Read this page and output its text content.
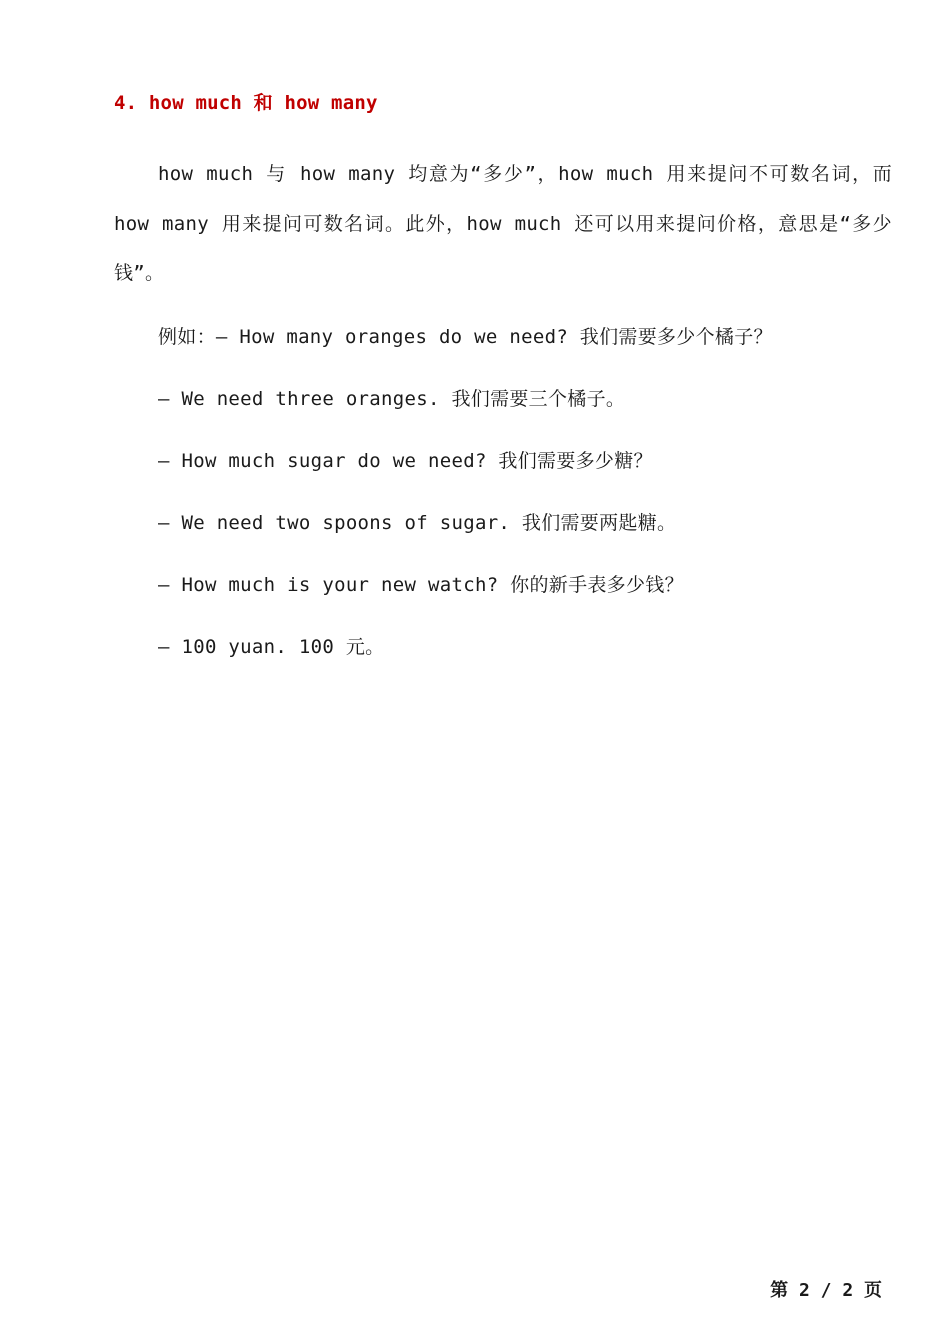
4. how much 和 how many
how much 与 how many 均意为“多少”，how much 用来提问不可数名词，而 how many 用来提问可数名词。此外，how much 还可以用来提问价格，意思是“多少钱”。
例如：— How many oranges do we need? 我们需要多少个橘子？
— We need three oranges. 我们需要三个橘子。
— How much sugar do we need? 我们需要多少糖？
— We need two spoons of sugar. 我们需要两匙糖。
— How much is your new watch? 你的新手表多少钱？
— 100 yuan. 100 元。
第 2 / 2 页
